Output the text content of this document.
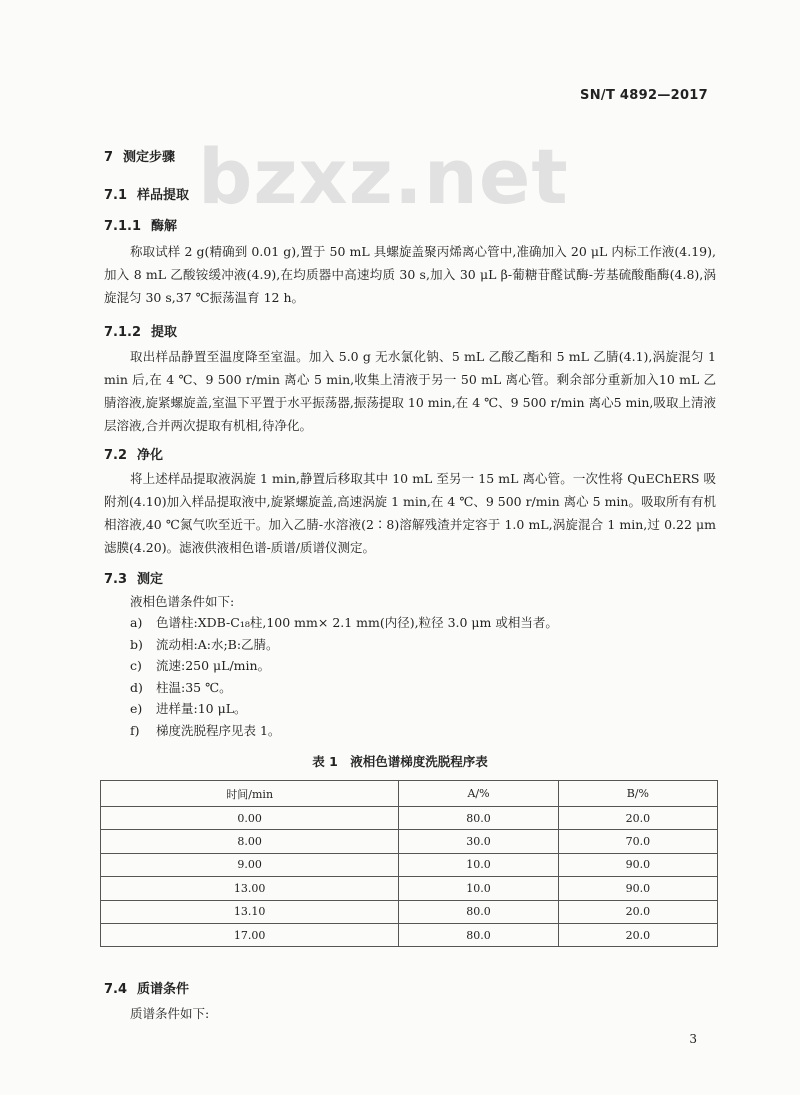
SN/T 4892—2017
bzxz.net
7 测定步骤
7.1 样品提取
7.1.1 酶解

称取试样 2 g(精确到 0.01 g),置于 50 mL 具螺旋盖聚丙烯离心管中,准确加入 20 μL 内标工作液(4.19),加入 8 mL 乙酸铵缓冲液(4.9),在均质器中高速均质 30 s,加入 30 μL β-葡糖苷醛试酶-芳基硫酸酯酶(4.8),涡旋混匀 30 s,37 ℃振荡温育 12 h。

7.1.2 提取

取出样品静置至温度降至室温。加入 5.0 g 无水氯化钠、5 mL 乙酸乙酯和 5 mL 乙腈(4.1),涡旋混匀 1 min 后,在 4 ℃、9 500 r/min 离心 5 min,收集上清液于另一 50 mL 离心管。剩余部分重新加入10 mL 乙腈溶液,旋紧螺旋盖,室温下平置于水平振荡器,振荡提取 10 min,在 4 ℃、9 500 r/min 离心5 min,吸取上清液层溶液,合并两次提取有机相,待净化。

7.2 净化

将上述样品提取液涡旋 1 min,静置后移取其中 10 mL 至另一 15 mL 离心管。一次性将 QuEChERS 吸附剂(4.10)加入样品提取液中,旋紧螺旋盖,高速涡旋 1 min,在 4 ℃、9 500 r/min 离心 5 min。吸取所有有机相溶液,40 ℃氮气吹至近干。加入乙腈-水溶液(2∶8)溶解残渣并定容于 1.0 mL,涡旋混合 1 min,过 0.22 μm 滤膜(4.20)。滤液供液相色谱-质谱/质谱仪测定。

7.3 测定

液相色谱条件如下:

a) 色谱柱:XDB-C₁₈柱,100 mm× 2.1 mm(内径),粒径 3.0 μm 或相当者。
b) 流动相:A:水;B:乙腈。
c) 流速:250 μL/min。
d) 柱温:35 ℃。
e) 进样量:10 μL。
f) 梯度洗脱程序见表 1。
表 1　液相色谱梯度洗脱程序表
时间/min	A/%	B/%
0.00	80.0	20.0
8.00	30.0	70.0
9.00	10.0	90.0
13.00	10.0	90.0
13.10	80.0	20.0
17.00	80.0	20.0
7.4 质谱条件

质谱条件如下:

3
